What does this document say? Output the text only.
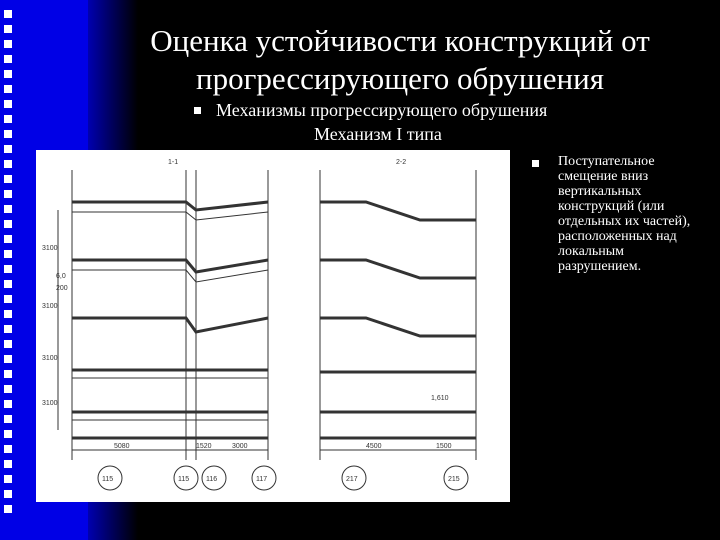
Оценка устойчивости конструкций от прогрессирующего обрушения
Механизмы прогрессирующего обрушения
Механизм I типа
1-1
3100
3100
3100
3100
5080	1520	3000
115	115 116	117
2-2
1,610
4500	1500
217	215
6,0
200
Поступательное смещение вниз вертикальных конструкций (или отдельных их частей), расположенных над локальным разрушением.
